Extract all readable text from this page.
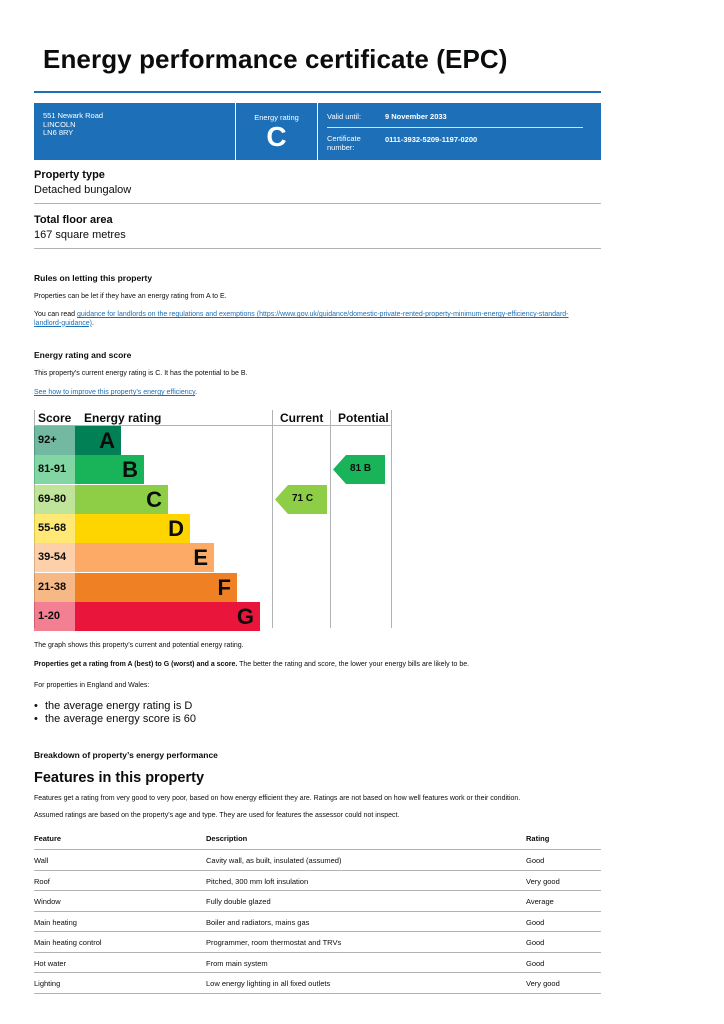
Energy performance certificate (EPC)
551 Newark Road
LINCOLN
LN6 8RY
Energy rating
C
Valid until:	9 November 2033
Certificate
number:
0111-3932-5209-1197-0200
Property type
Detached bungalow
Total floor area
167 square metres
Rules on letting this property
Properties can be let if they have an energy rating from A to E.
You can read guidance for landlords on the regulations and exemptions (https://www.gov.uk/guidance/domestic-private-rented-property-minimum-energy-efficiency-standard-
landlord-guidance).
Energy rating and score
This property’s current energy rating is C. It has the potential to be B.
See how to improve this property’s energy efficiency.
Score Energy rating	Current Potential
92+	A
81-91	B
69-80	C
55-68	D
39-54	E
21-38	F
1-20	G
71 C
81 B
The graph shows this property’s current and potential energy rating.
Properties get a rating from A (best) to G (worst) and a score. The better the rating and score, the lower your energy bills are likely to be.
For properties in England and Wales:
• the average energy rating is D
• the average energy score is 60
Breakdown of property’s energy performance
Features in this property
Features get a rating from very good to very poor, based on how energy efficient they are. Ratings are not based on how well features work or their condition.
Assumed ratings are based on the property's age and type. They are used for features the assessor could not inspect.
Feature	Description	Rating
Wall	Cavity wall, as built, insulated (assumed)	Good
Roof	Pitched, 300 mm loft insulation	Very good
Window	Fully double glazed	Average
Main heating	Boiler and radiators, mains gas	Good
Main heating control	Programmer, room thermostat and TRVs	Good
Hot water	From main system	Good
Lighting	Low energy lighting in all fixed outlets	Very good
